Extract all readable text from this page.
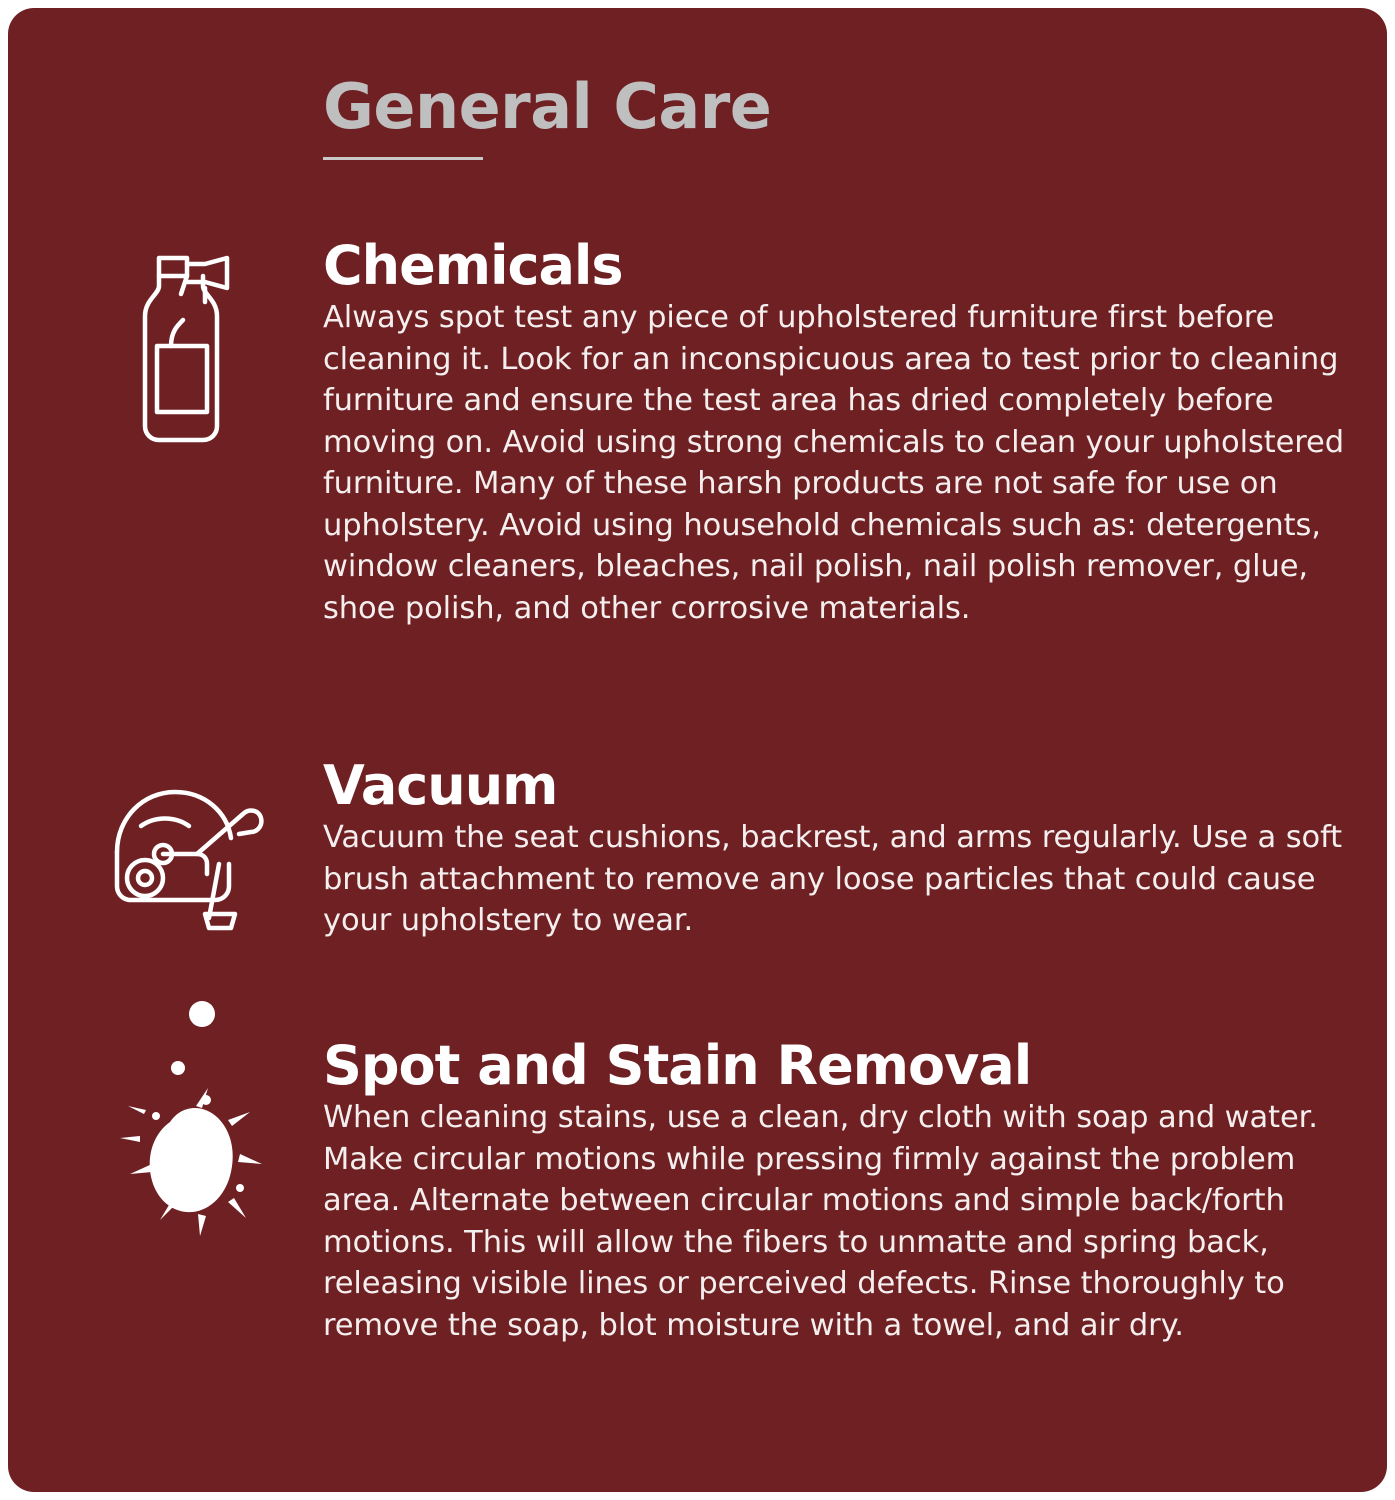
General Care
Chemicals

Always spot test any piece of upholstered furniture first before cleaning it. Look for an inconspicuous area to test prior to cleaning furniture and ensure the test area has dried completely before moving on. Avoid using strong chemicals to clean your upholstered furniture. Many of these harsh products are not safe for use on upholstery. Avoid using household chemicals such as: detergents, window cleaners, bleaches, nail polish, nail polish remover, glue, shoe polish, and other corrosive materials.

Vacuum

Vacuum the seat cushions, backrest, and arms regularly. Use a soft brush attachment to remove any loose particles that could cause your upholstery to wear.

Spot and Stain Removal

When cleaning stains, use a clean, dry cloth with soap and water. Make circular motions while pressing firmly against the problem area. Alternate between circular motions and simple back/forth motions. This will allow the fibers to unmatte and spring back, releasing visible lines or perceived defects. Rinse thoroughly to remove the soap, blot moisture with a towel, and air dry.
